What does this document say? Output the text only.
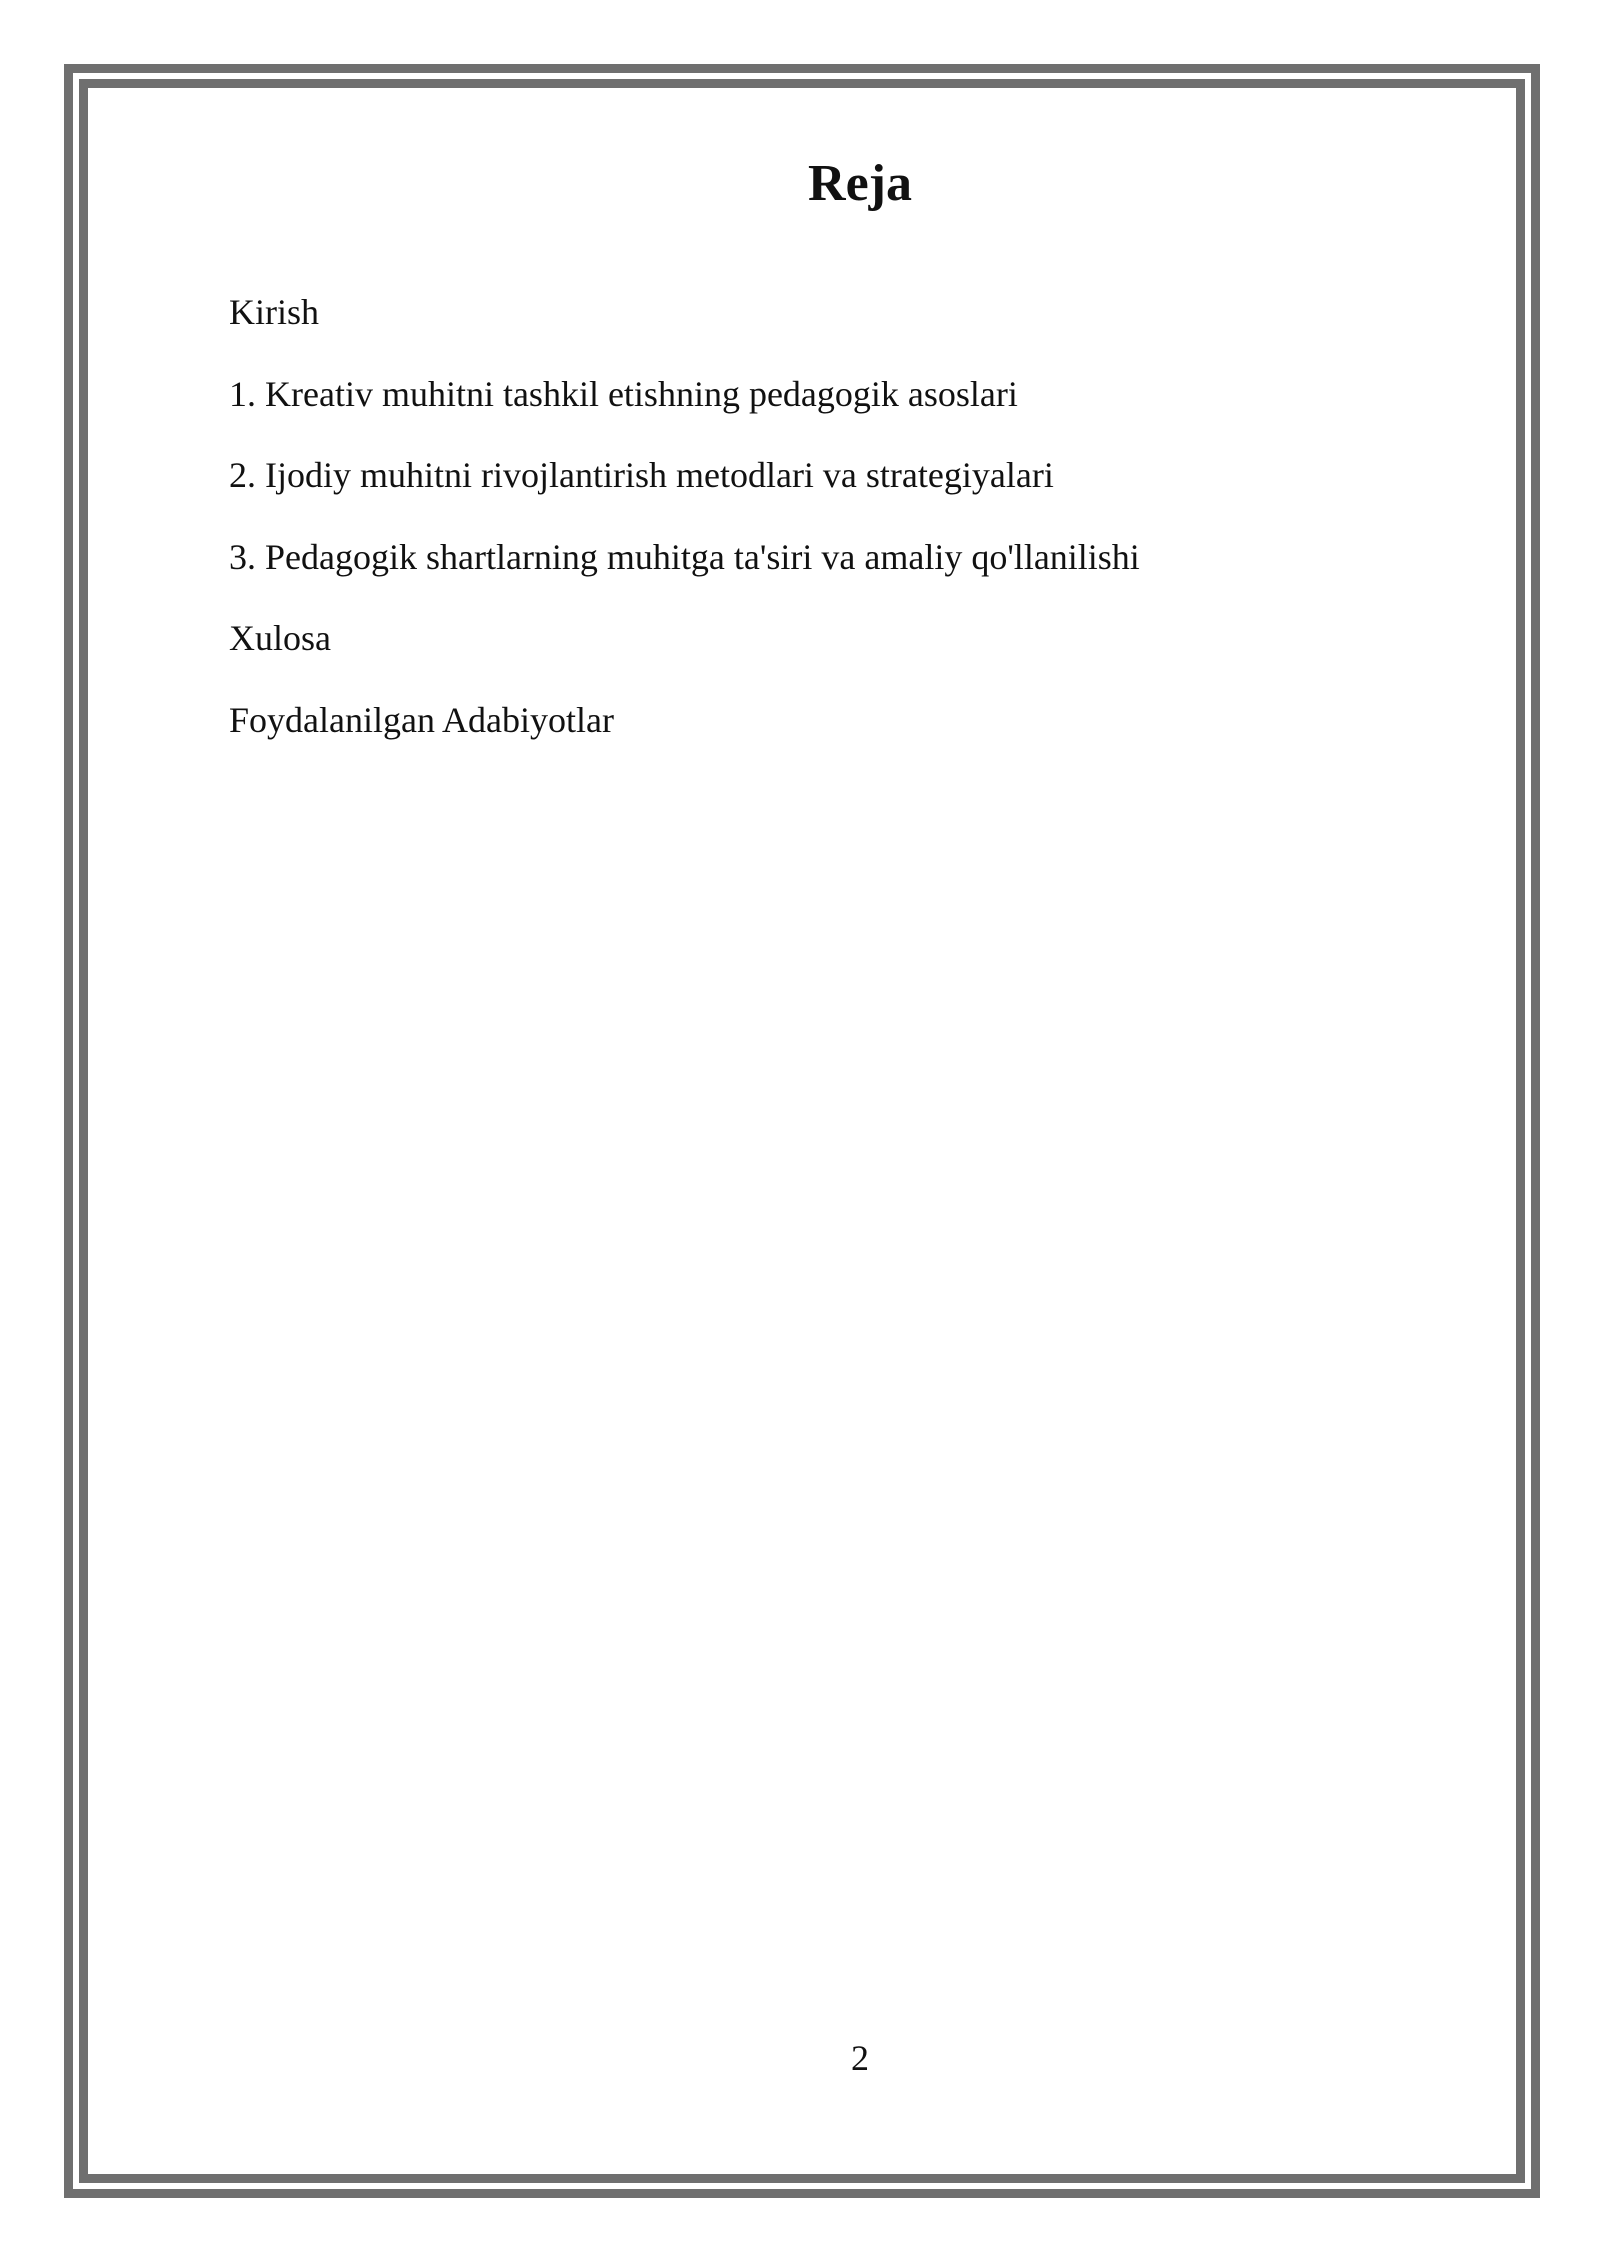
Reja
Kirish
1. Kreativ muhitni tashkil etishning pedagogik asoslari
2. Ijodiy muhitni rivojlantirish metodlari va strategiyalari
3. Pedagogik shartlarning muhitga ta'siri va amaliy qo'llanilishi
Xulosa
Foydalanilgan Adabiyotlar
2
